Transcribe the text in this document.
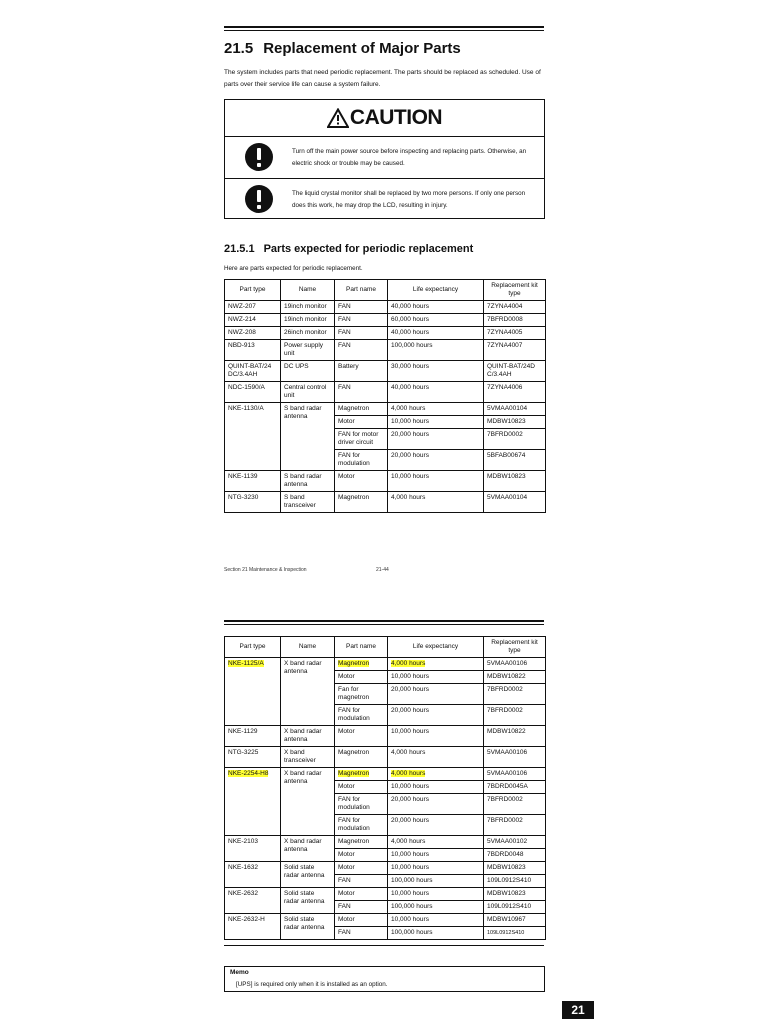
21.5 Replacement of Major Parts
The system includes parts that need periodic replacement. The parts should be replaced as scheduled. Use of parts over their service life can cause a system failure.
CAUTION
Turn off the main power source before inspecting and replacing parts. Otherwise, an electric shock or trouble may be caused.
The liquid crystal monitor shall be replaced by two more persons. If only one person does this work, he may drop the LCD, resulting in injury.
21.5.1 Parts expected for periodic replacement
Here are parts expected for periodic replacement.
Part type	Name	Part name	Life expectancy	Replacement kit type
NWZ-207	19inch monitor	FAN	40,000 hours	7ZYNA4004
NWZ-214	19inch monitor	FAN	60,000 hours	7BFRD0008
NWZ-208	26inch monitor	FAN	40,000 hours	7ZYNA4005
NBD-913	Power supply unit	FAN	100,000 hours	7ZYNA4007
QUINT-BAT/24 DC/3.4AH	DC UPS	Battery	30,000 hours	QUINT-BAT/24D C/3.4AH
NDC-1590/A	Central control unit	FAN	40,000 hours	7ZYNA4006
NKE-1130/A	S band radar antenna	Magnetron	4,000 hours	5VMAA00104
		Motor	10,000 hours	MDBW10823
		FAN for motor driver circuit	20,000 hours	7BFRD0002
		FAN for modulation	20,000 hours	5BFAB00674
NKE-1139	S band radar antenna	Motor	10,000 hours	MDBW10823
NTG-3230	S band transceiver	Magnetron	4,000 hours	5VMAA00104
Section 21 Maintenance & Inspection	21-44
Part type	Name	Part name	Life expectancy	Replacement kit type
NKE-1125/A	X band radar antenna	Magnetron	4,000 hours	5VMAA00106
		Motor	10,000 hours	MDBW10822
		Fan for magnetron	20,000 hours	7BFRD0002
		FAN for modulation	20,000 hours	7BFRD0002
NKE-1129	X band radar antenna	Motor	10,000 hours	MDBW10822
NTG-3225	X band transceiver	Magnetron	4,000 hours	5VMAA00106
NKE-2254-H8	X band radar antenna	Magnetron	4,000 hours	5VMAA00106
		Motor	10,000 hours	7BDRD0045A
		FAN for modulation	20,000 hours	7BFRD0002
		FAN for modulation	20,000 hours	7BFRD0002
NKE-2103	X band radar antenna	Magnetron	4,000 hours	5VMAA00102
		Motor	10,000 hours	7BDRD0048
NKE-1632	Solid state radar antenna	Motor	10,000 hours	MDBW10823
		FAN	100,000 hours	109L0912S410
NKE-2632	Solid state radar antenna	Motor	10,000 hours	MDBW10823
		FAN	100,000 hours	109L0912S410
NKE-2632-H	Solid state radar antenna	Motor	10,000 hours	MDBW10967
		FAN	100,000 hours	109L0912S410
Memo
[UPS] is required only when it is installed as an option.
21
